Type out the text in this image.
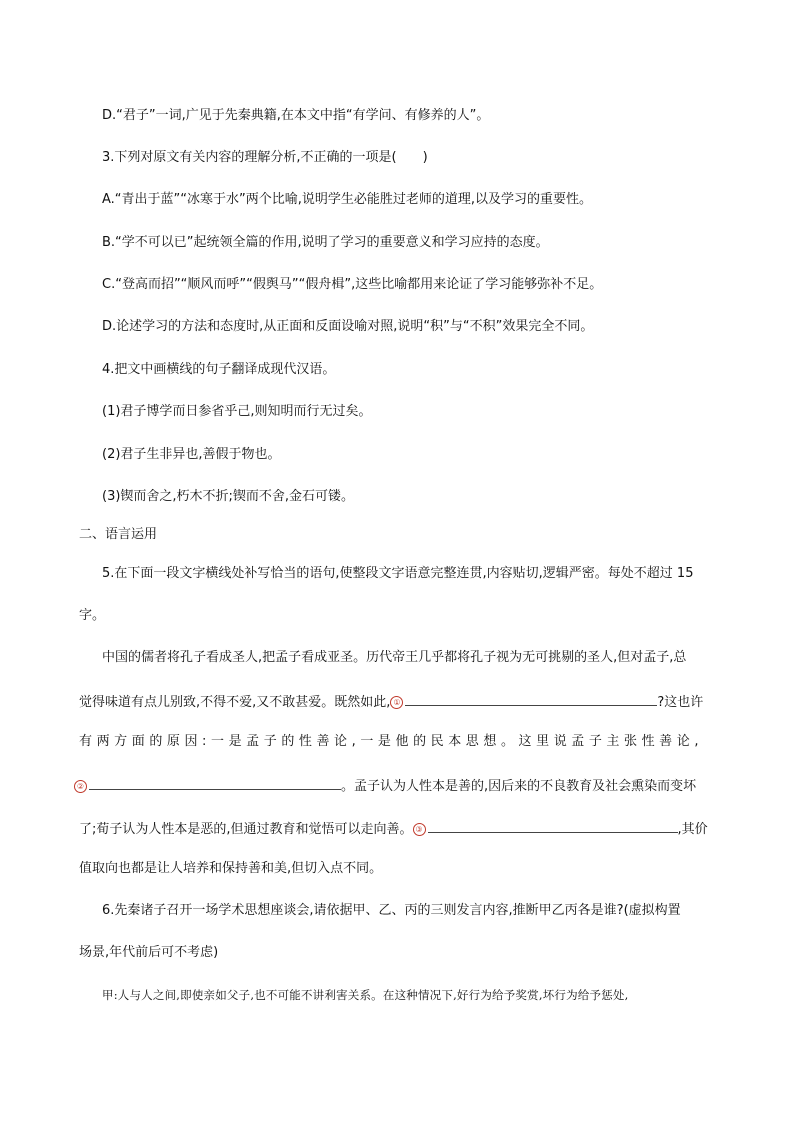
D.“君子”一词,广见于先秦典籍,在本文中指“有学问、有修养的人”。
3.下列对原文有关内容的理解分析,不正确的一项是(　　)
A.“青出于蓝”“冰寒于水”两个比喻,说明学生必能胜过老师的道理,以及学习的重要性。
B.“学不可以已”起统领全篇的作用,说明了学习的重要意义和学习应持的态度。
C.“登高而招”“顺风而呼”“假舆马”“假舟楫”,这些比喻都用来论证了学习能够弥补不足。
D.论述学习的方法和态度时,从正面和反面设喻对照,说明“积”与“不积”效果完全不同。
4.把文中画横线的句子翻译成现代汉语。
(1)君子博学而日参省乎己,则知明而行无过矣。
(2)君子生非异也,善假于物也。
(3)锲而舍之,朽木不折;锲而不舍,金石可镂。
二、语言运用
5.在下面一段文字横线处补写恰当的语句,使整段文字语意完整连贯,内容贴切,逻辑严密。每处不超过 15
字。
中国的儒者将孔子看成圣人,把孟子看成亚圣。历代帝王几乎都将孔子视为无可挑剔的圣人,但对孟子,总
觉得味道有点儿别致,不得不爱,又不敢甚爱。既然如此, ①	?这也许
有 两 方 面 的 原 因 : 一 是 孟 子 的 性 善 论 , 一 是 他 的 民 本 思 想 。 这 里 说 孟 子 主 张 性 善 论 ,
②	。孟子认为人性本是善的,因后来的不良教育及社会熏染而变坏
了;荀子认为人性本是恶的,但通过教育和觉悟可以走向善。 ③	,其价
值取向也都是让人培养和保持善和美,但切入点不同。
6.先秦诸子召开一场学术思想座谈会,请依据甲、乙、丙的三则发言内容,推断甲乙丙各是谁?(虚拟构置
场景,年代前后可不考虑)
甲:人与人之间,即使亲如父子,也不可能不讲利害关系。在这种情况下,好行为给予奖赏,坏行为给予惩处,
